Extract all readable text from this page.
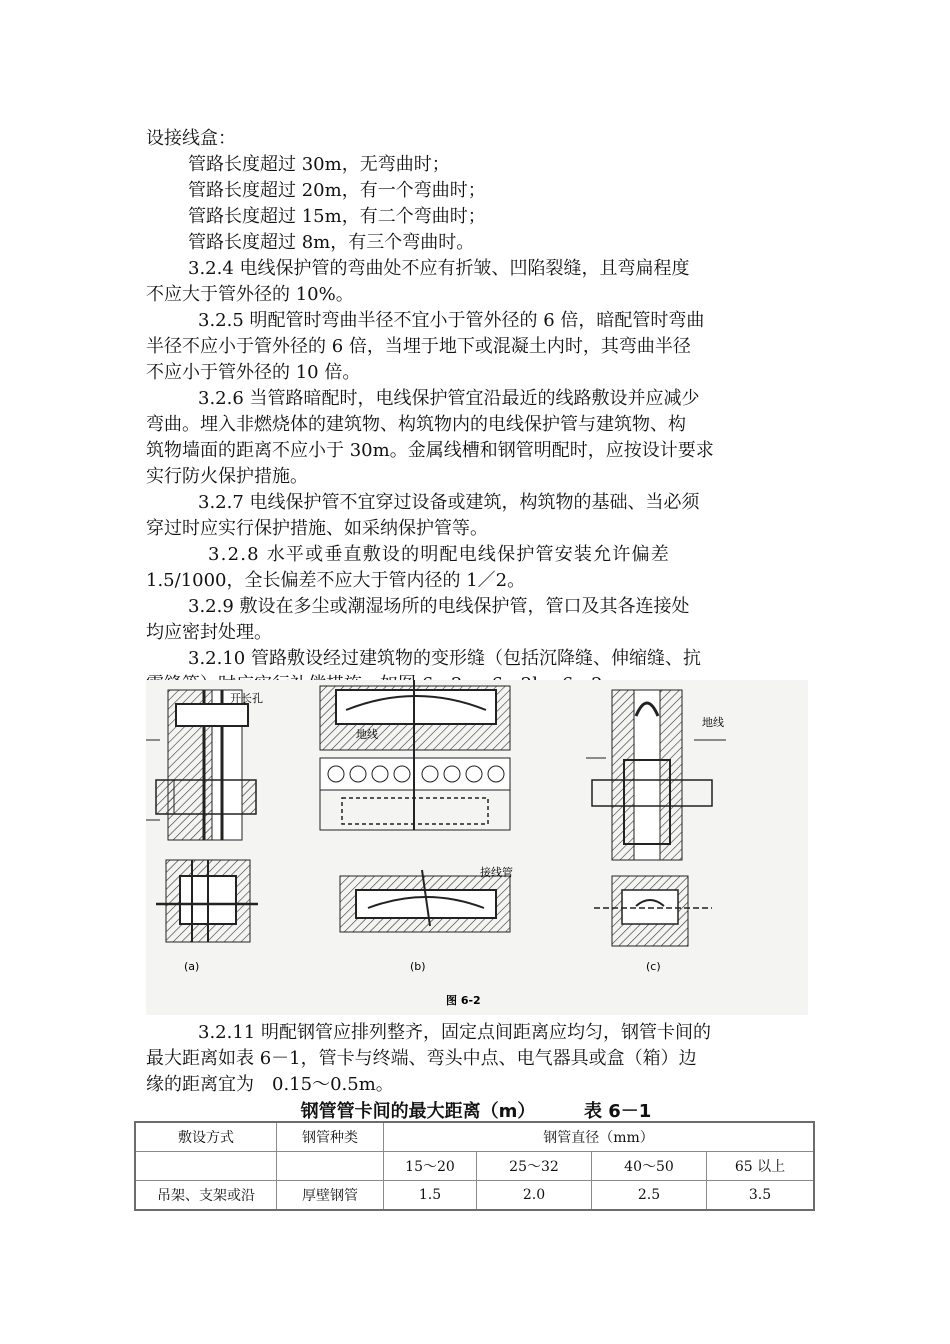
设接线盒：
管路长度超过 30m，无弯曲时；
管路长度超过 20m，有一个弯曲时；
管路长度超过 15m，有二个弯曲时；
管路长度超过 8m，有三个弯曲时。
3.2.4 电线保护管的弯曲处不应有折皱、凹陷裂缝，且弯扁程度
不应大于管外径的 10%。
3.2.5 明配管时弯曲半径不宜小于管外径的 6 倍，暗配管时弯曲
半径不应小于管外径的 6 倍，当埋于地下或混凝土内时，其弯曲半径
不应小于管外径的 10 倍。
3.2.6 当管路暗配时，电线保护管宜沿最近的线路敷设并应减少
弯曲。埋入非燃烧体的建筑物、构筑物内的电线保护管与建筑物、构
筑物墙面的距离不应小于 30m。金属线槽和钢管明配时，应按设计要求
实行防火保护措施。
3.2.7 电线保护管不宜穿过设备或建筑，构筑物的基础、当必须
穿过时应实行保护措施、如采纳保护管等。
3.2.8 水平或垂直敷设的明配电线保护管安装允许偏差
1.5/1000，全长偏差不应大于管内径的 1／2。
3.2.9 敷设在多尘或潮湿场所的电线保护管，管口及其各连接处
均应密封处理。
3.2.10 管路敷设经过建筑物的变形缝（包括沉降缝、伸缩缝、抗
开长孔
(a)
地线
接线管
(b)
地线
(c)
图 6-2
3.2.11 明配钢管应排列整齐，固定点间距离应均匀，钢管卡间的
最大距离如表 6－1，管卡与终端、弯头中点、电气器具或盒（箱）边
缘的距离宜为　0.15～0.5m。
钢管管卡间的最大距离（m）	表 6－1
敷设方式	钢管种类	钢管直径（mm）			
		15～20	25～32	40～50	65 以上
吊架、支架或沿	厚壁钢管	1.5	2.0	2.5	3.5
